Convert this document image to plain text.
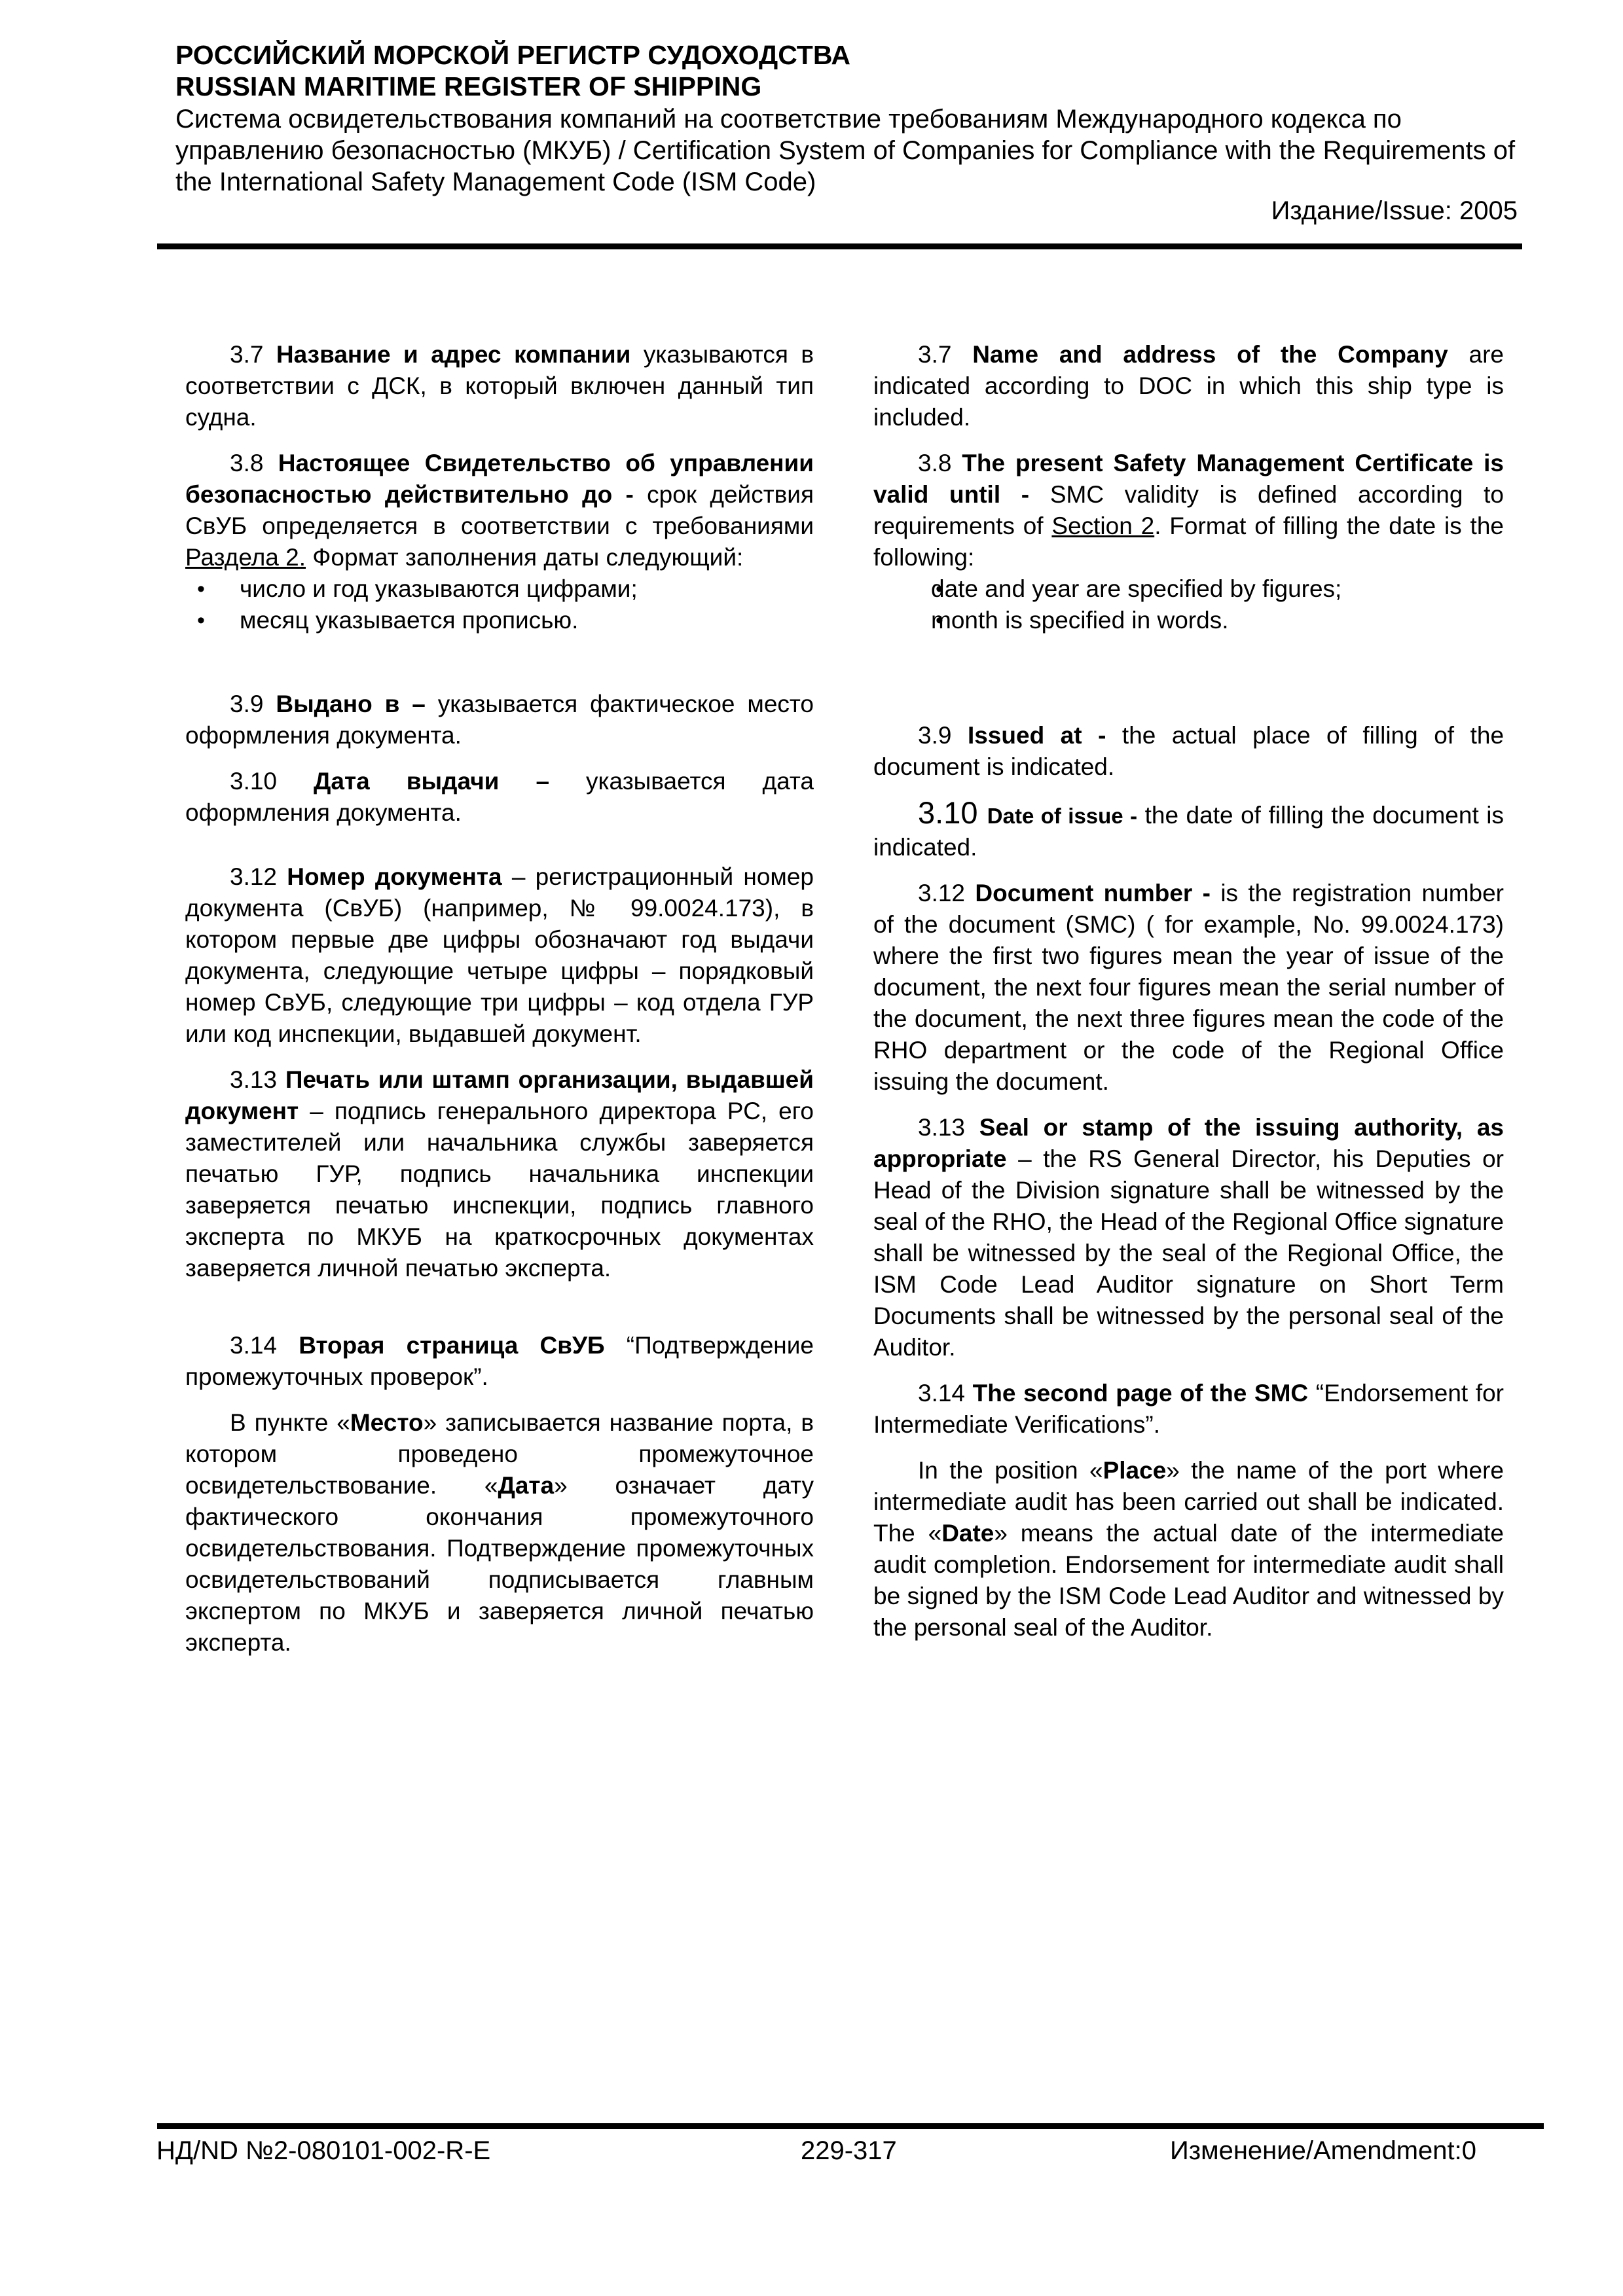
РОССИЙСКИЙ МОРСКОЙ РЕГИСТР СУДОХОДСТВА

RUSSIAN MARITIME REGISTER OF SHIPPING

Система освидетельствования компаний на соответствие требованиям Международного кодекса по управлению безопасностью (МКУБ) / Certification System of Companies for Compliance with the Requirements of the International Safety Management Code (ISM Code)

Издание/Issue: 2005

3.7 Название и адрес компании указываются в соответствии с ДСК, в который включен данный тип судна.

3.8 Настоящее Свидетельство об управлении безопасностью действительно до - срок действия СвУБ определяется в соответствии с требованиями Раздела 2. Формат заполнения даты следующий:

• число и год указываются цифрами;
• месяц указывается прописью.

3.9 Выдано в – указывается фактическое место оформления документа.

3.10 Дата выдачи – указывается дата оформления документа.

3.12 Номер документа – регистрационный номер документа (СвУБ) (например, № 99.0024.173), в котором первые две цифры обозначают год выдачи документа, следующие четыре цифры – порядковый номер СвУБ, следующие три цифры – код отдела ГУР или код инспекции, выдавшей документ.

3.13 Печать или штамп организации, выдавшей документ – подпись генерального директора РС, его заместителей или начальника службы заверяется печатью ГУР, подпись начальника инспекции заверяется печатью инспекции, подпись главного эксперта по МКУБ на краткосрочных документах заверяется личной печатью эксперта.

3.14 Вторая страница СвУБ “Подтверждение промежуточных проверок”.

В пункте «Место» записывается название порта, в котором проведено промежуточное освидетельствование. «Дата» означает дату фактического окончания промежуточного освидетельствования. Подтверждение промежуточных освидетельствований подписывается главным экспертом по МКУБ и заверяется личной печатью эксперта.

3.7 Name and address of the Company are indicated according to DOC in which this ship type is included.

3.8 The present Safety Management Certificate is valid until - SMC validity is defined according to requirements of Section 2. Format of filling the date is the following:

• date and year are specified by figures;
• month is specified in words.

3.9 Issued at - the actual place of filling of the document is indicated.

3.10 Date of issue - the date of filling the document is indicated.

3.12 Document number - is the registration number of the document (SMC) ( for example, No. 99.0024.173) where the first two figures mean the year of issue of the document, the next four figures mean the serial number of the document, the next three figures mean the code of the RHO department or the code of the Regional Office issuing the document.

3.13 Seal or stamp of the issuing authority, as appropriate – the RS General Director, his Deputies or Head of the Division signature shall be witnessed by the seal of the RHO, the Head of the Regional Office signature shall be witnessed by the seal of the Regional Office, the ISM Code Lead Auditor signature on Short Term Documents shall be witnessed by the personal seal of the Auditor.

3.14 The second page of the SMC “Endorsement for Intermediate Verifications”.

In the position «Place» the name of the port where intermediate audit has been carried out shall be indicated. The «Date» means the actual date of the intermediate audit completion. Endorsement for intermediate audit shall be signed by the ISM Code Lead Auditor and witnessed by the personal seal of the Auditor.

НД/ND №2-080101-002-R-E	229-317	Изменение/Amendment:0
